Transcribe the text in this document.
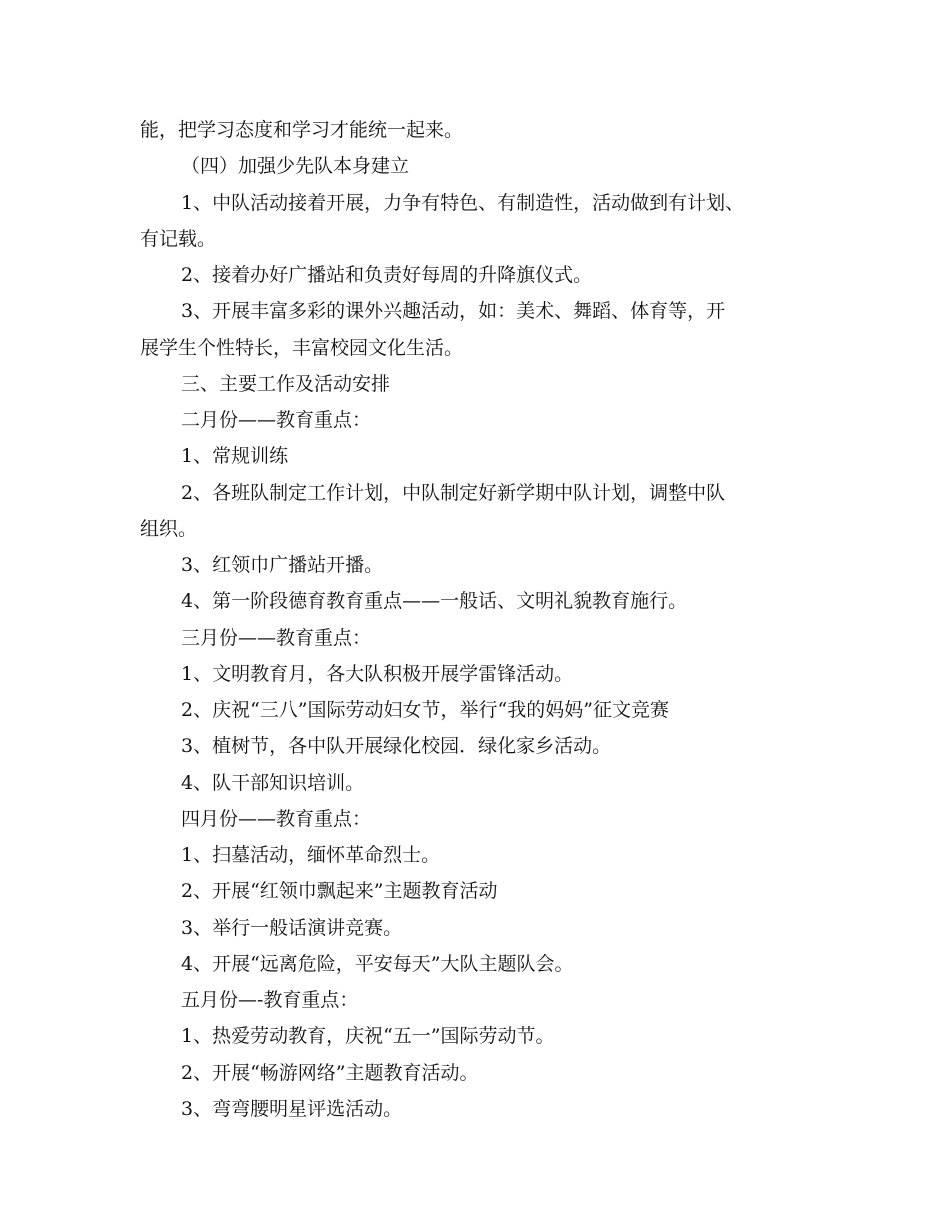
能，把学习态度和学习才能统一起来。
（四）加强少先队本身建立
1、中队活动接着开展，力争有特色、有制造性，活动做到有计划、
有记载。
2、接着办好广播站和负责好每周的升降旗仪式。
3、开展丰富多彩的课外兴趣活动，如：美术、舞蹈、体育等，开
展学生个性特长，丰富校园文化生活。
三、主要工作及活动安排
二月份——教育重点：
1、常规训练
2、各班队制定工作计划，中队制定好新学期中队计划，调整中队
组织。
3、红领巾广播站开播。
4、第一阶段德育教育重点——一般话、文明礼貌教育施行。
三月份——教育重点：
1、文明教育月，各大队积极开展学雷锋活动。
2、庆祝“三八”国际劳动妇女节，举行“我的妈妈”征文竞赛
3、植树节，各中队开展绿化校园．绿化家乡活动。
4、队干部知识培训。
四月份——教育重点：
1、扫墓活动，缅怀革命烈士。
2、开展“红领巾飘起来”主题教育活动
3、举行一般话演讲竞赛。
4、开展“远离危险，平安每天”大队主题队会。
五月份—-教育重点：
1、热爱劳动教育，庆祝“五一”国际劳动节。
2、开展“畅游网络”主题教育活动。
3、弯弯腰明星评选活动。
